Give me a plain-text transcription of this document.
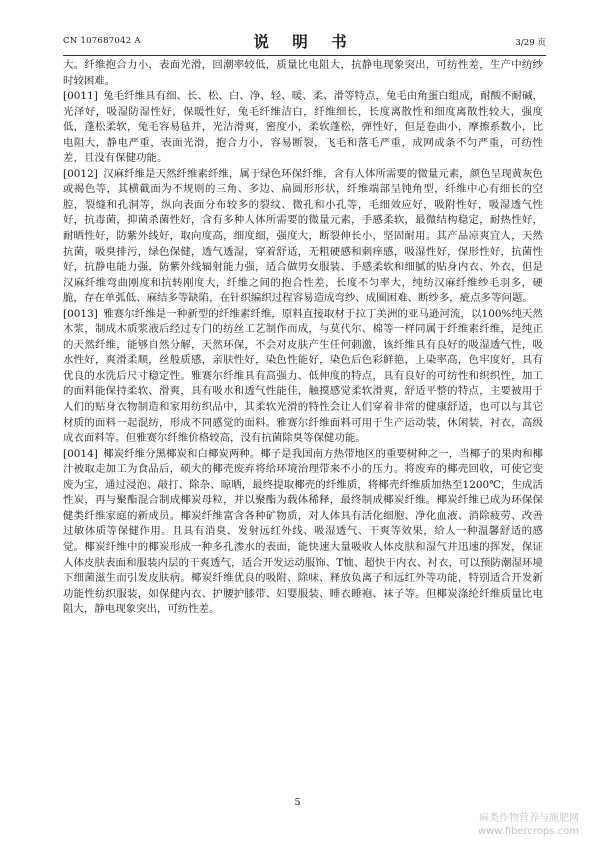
CN 107687042 A	说 明 书	3/29 页

大。纤维抱合力小，表面光滑，回潮率较低，质量比电阻大，抗静电现象突出，可纺性差，生产中纺纱时较困难。

[0011] 兔毛纤维具有细、长、松、白、净、轻、暖、柔、滑等特点，兔毛由角蛋白组成，耐酸不耐碱，光泽好，吸湿防湿性好，保暖性好，兔毛纤维洁白，纤维细长，长度离散性和细度离散性较大，强度低，蓬松柔软，兔毛容易毡并，光洁滑爽，密度小，柔软蓬松，弹性好，但是卷曲小，摩擦系数小，比电阻大，静电严重，表面光滑，抱合力小，容易断裂，飞毛和落毛严重，成网成条不匀严重，可纺性差，且没有保健功能。

[0012] 汉麻纤维是天然纤维素纤维，属于绿色环保纤维，含有人体所需要的微量元素，颜色呈现黄灰色或褐色等，其横截面为不规则的三角、多边、扁圆形形状，纤维端部呈钝角型，纤维中心有细长的空腔，裂缝和孔洞等，纵向表面分布较多的裂纹、微孔和小孔等，毛细效应好，吸附性好，吸湿透气性好，抗毒菌，抑菌杀菌性好，含有多种人体所需要的微量元素，手感柔软，最微结构稳定，耐热性好，耐晒性好，防紫外线好，取向度高，细度细，强度大，断裂伸长小，坚固耐用。其产品凉爽宜人，天然抗菌，吸臭排污，绿色保健，透气透湿，穿着舒适，无粗硬感和刺痒感，吸湿性好，保形性好，抗菌性好，抗静电能力强，防紫外线辐射能力强，适合做男女服装、手感柔软和细腻的贴身内衣、外衣，但是汉麻纤维弯曲刚度和抗转刚度大，纤维之间的抱合性差，长度不匀率大，纯纺汉麻纤维纱毛羽多，硬脆，存在单弧低、麻结多等缺陷，在针织编织过程容易造成弯纱、成圈困难、断纱多，疵点多等问题。

[0013] 雅赛尔纤维是一种新型的纤维素纤维，原料直接取材于拉丁美洲的亚马逊河流，以100%纯天然木浆，制成木质浆液后经过专门的纺丝工艺制作而成，与莫代尔、棉等一样同属于纤维素纤维，是纯正的天然纤维，能够自然分解，天然环保，不会对皮肤产生任何刺激，该纤维具有良好的吸湿透气性，吸水性好，爽滑柔顺，丝般质感，亲肤性好，染色性能好，染色后色彩鲜艳，上染率高，色牢度好，具有优良的水洗后尺寸稳定性。雅赛尔纤维具有高强力、低伸度的特点，具有良好的可纺性和织织性，加工的面料能保持柔软、滑爽，具有吸水和透气性能佳，触摸感觉柔软滑爽，舒适平整的特点，主要被用于人们的贴身衣物制造和家用纺织品中，其柔软光滑的特性会让人们穿着非常的健康舒适，也可以与其它材质的面料一起混纺，形成不同感觉的面料。雅赛尔纤维面料可用于生产运动装，休闲装，衬衣，高级成衣面料等。但雅赛尔纤维价格较高，没有抗菌除臭等保健功能。

[0014] 椰炭纤维分黑椰炭和白椰炭两种。椰子是我国南方热带地区的重要树种之一，当椰子的果肉和椰汁被取走加工为食品后，硕大的椰壳废弃将给环境治理带来不小的压力。将废弃的椰壳回收，可使它变废为宝，通过浸泡、敲打、除杂、晾晒，最终提取椰壳的纤维质，将椰壳纤维质加热至1200℃，生成活性炭，再与聚酯混合制成椰炭母粒，并以聚酯为载体稀释，最终制成椰炭纤维。椰炭纤维已成为环保保健类纤维家庭的新成员。椰炭纤维富含各种矿物质，对人体具有活化细胞、净化血液、消除疲劳、改善过敏体质等保健作用。且具有消臭、发射远红外线、吸湿透气、干爽等效果，给人一种温馨舒适的感觉。椰炭纤维中的椰炭形成一种多孔渗水的表面，能快速大量吸收人体皮肤和湿气并迅速的挥发，保证人体皮肤表面和服装内层的干爽透气，适合开发运动服饰、T恤、超快干内衣、衬衣，可以预防潮湿环境下细菌滋生而引发皮肤病。椰炭纤维优良的吸附、除味、释放负离子和远红外等功能，特别适合开发新功能性纺织服装，如保健内衣、护腰护膝带、妇婴服装、睡衣睡袍、袜子等。但椰炭涤纶纤维质量比电阻大，静电现象突出，可纺性差。

5
麻类作物营养与施肥网
www.fibercrops.com
